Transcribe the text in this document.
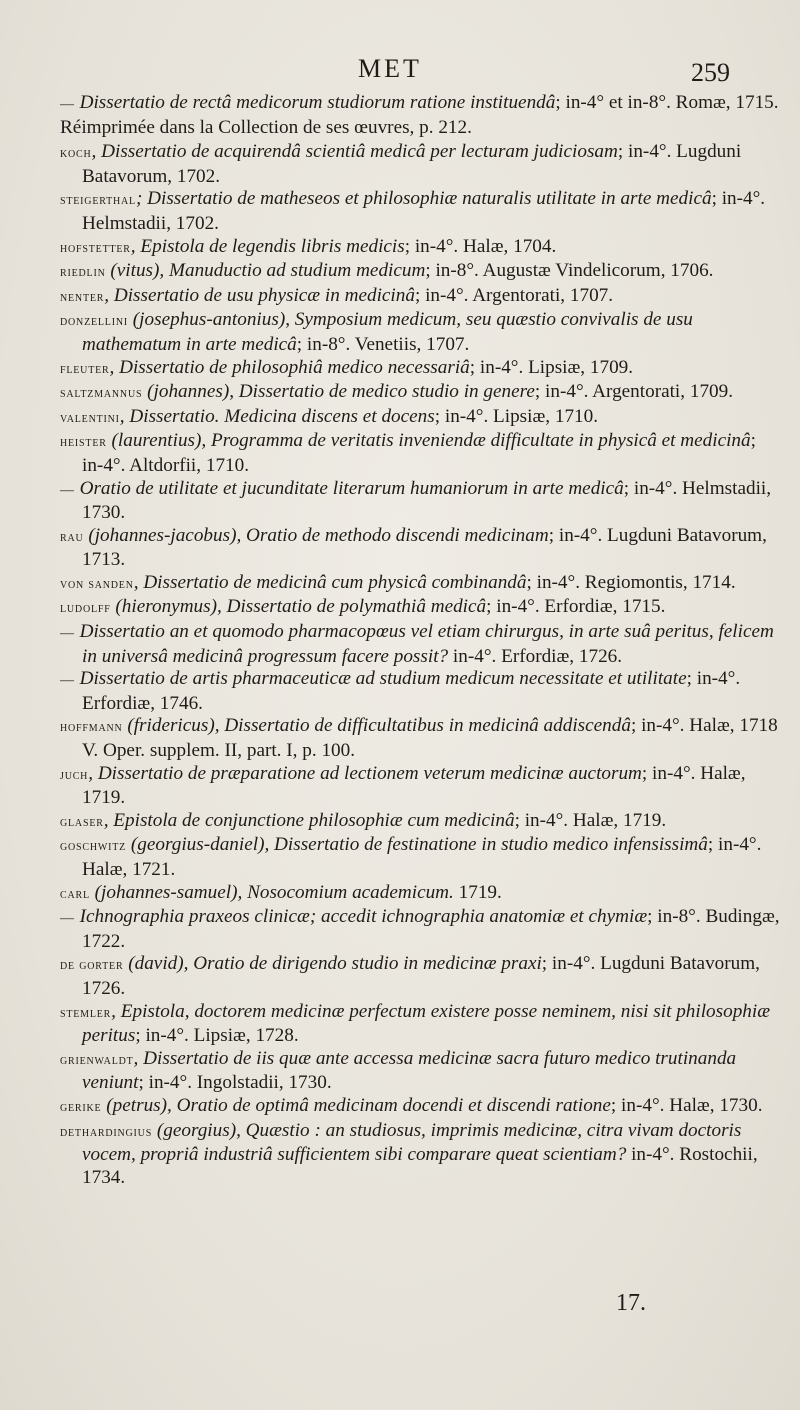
MET	259

— Dissertatio de rectâ medicorum studiorum ratione instituendâ; in-4° et in-8°. Romæ, 1715.

Réimprimée dans la Collection de ses œuvres, p. 212.

koch, Dissertatio de acquirendâ scientiâ medicâ per lecturam judiciosam; in-4°. Lugduni Batavorum, 1702.

steigerthal; Dissertatio de matheseos et philosophiæ naturalis utilitate in arte medicâ; in-4°. Helmstadii, 1702.

hofstetter, Epistola de legendis libris medicis; in-4°. Halæ, 1704.

riedlin (vitus), Manuductio ad studium medicum; in-8°. Augustæ Vindelicorum, 1706.

nenter, Dissertatio de usu physicæ in medicinâ; in-4°. Argentorati, 1707.

donzellini (josephus-antonius), Symposium medicum, seu quæstio convivalis de usu mathematum in arte medicâ; in-8°. Venetiis, 1707.

fleuter, Dissertatio de philosophiâ medico necessariâ; in-4°. Lipsiæ, 1709.

saltzmannus (johannes), Dissertatio de medico studio in genere; in-4°. Argentorati, 1709.

valentini, Dissertatio. Medicina discens et docens; in-4°. Lipsiæ, 1710.

heister (laurentius), Programma de veritatis inveniendæ difficultate in physicâ et medicinâ; in-4°. Altdorfii, 1710.

— Oratio de utilitate et jucunditate literarum humaniorum in arte medicâ; in-4°. Helmstadii, 1730.

rau (johannes-jacobus), Oratio de methodo discendi medicinam; in-4°. Lugduni Batavorum, 1713.

von sanden, Dissertatio de medicinâ cum physicâ combinandâ; in-4°. Regiomontis, 1714.

ludolff (hieronymus), Dissertatio de polymathiâ medicâ; in-4°. Erfordiæ, 1715.

— Dissertatio an et quomodo pharmacopœus vel etiam chirurgus, in arte suâ peritus, felicem in universâ medicinâ progressum facere possit? in-4°. Erfordiæ, 1726.

— Dissertatio de artis pharmaceuticæ ad studium medicum necessitate et utilitate; in-4°. Erfordiæ, 1746.

hoffmann (fridericus), Dissertatio de difficultatibus in medicinâ addiscendâ; in-4°. Halæ, 1718 V. Oper. supplem. II, part. I, p. 100.

juch, Dissertatio de præparatione ad lectionem veterum medicinæ auctorum; in-4°. Halæ, 1719.

glaser, Epistola de conjunctione philosophiæ cum medicinâ; in-4°. Halæ, 1719.

goschwitz (georgius-daniel), Dissertatio de festinatione in studio medico infensissimâ; in-4°. Halæ, 1721.

carl (johannes-samuel), Nosocomium academicum. 1719.

— Ichnographia praxeos clinicæ; accedit ichnographia anatomiæ et chymiæ; in-8°. Budingæ, 1722.

de gorter (david), Oratio de dirigendo studio in medicinæ praxi; in-4°. Lugduni Batavorum, 1726.

stemler, Epistola, doctorem medicinæ perfectum existere posse neminem, nisi sit philosophiæ peritus; in-4°. Lipsiæ, 1728.

grienwaldt, Dissertatio de iis quæ ante accessa medicinæ sacra futuro medico trutinanda veniunt; in-4°. Ingolstadii, 1730.

gerike (petrus), Oratio de optimâ medicinam docendi et discendi ratione; in-4°. Halæ, 1730.

dethardingius (georgius), Quæstio : an studiosus, imprimis medicinæ, citra vivam doctoris vocem, propriâ industriâ sufficientem sibi comparare queat scientiam? in-4°. Rostochii, 1734.

17.
